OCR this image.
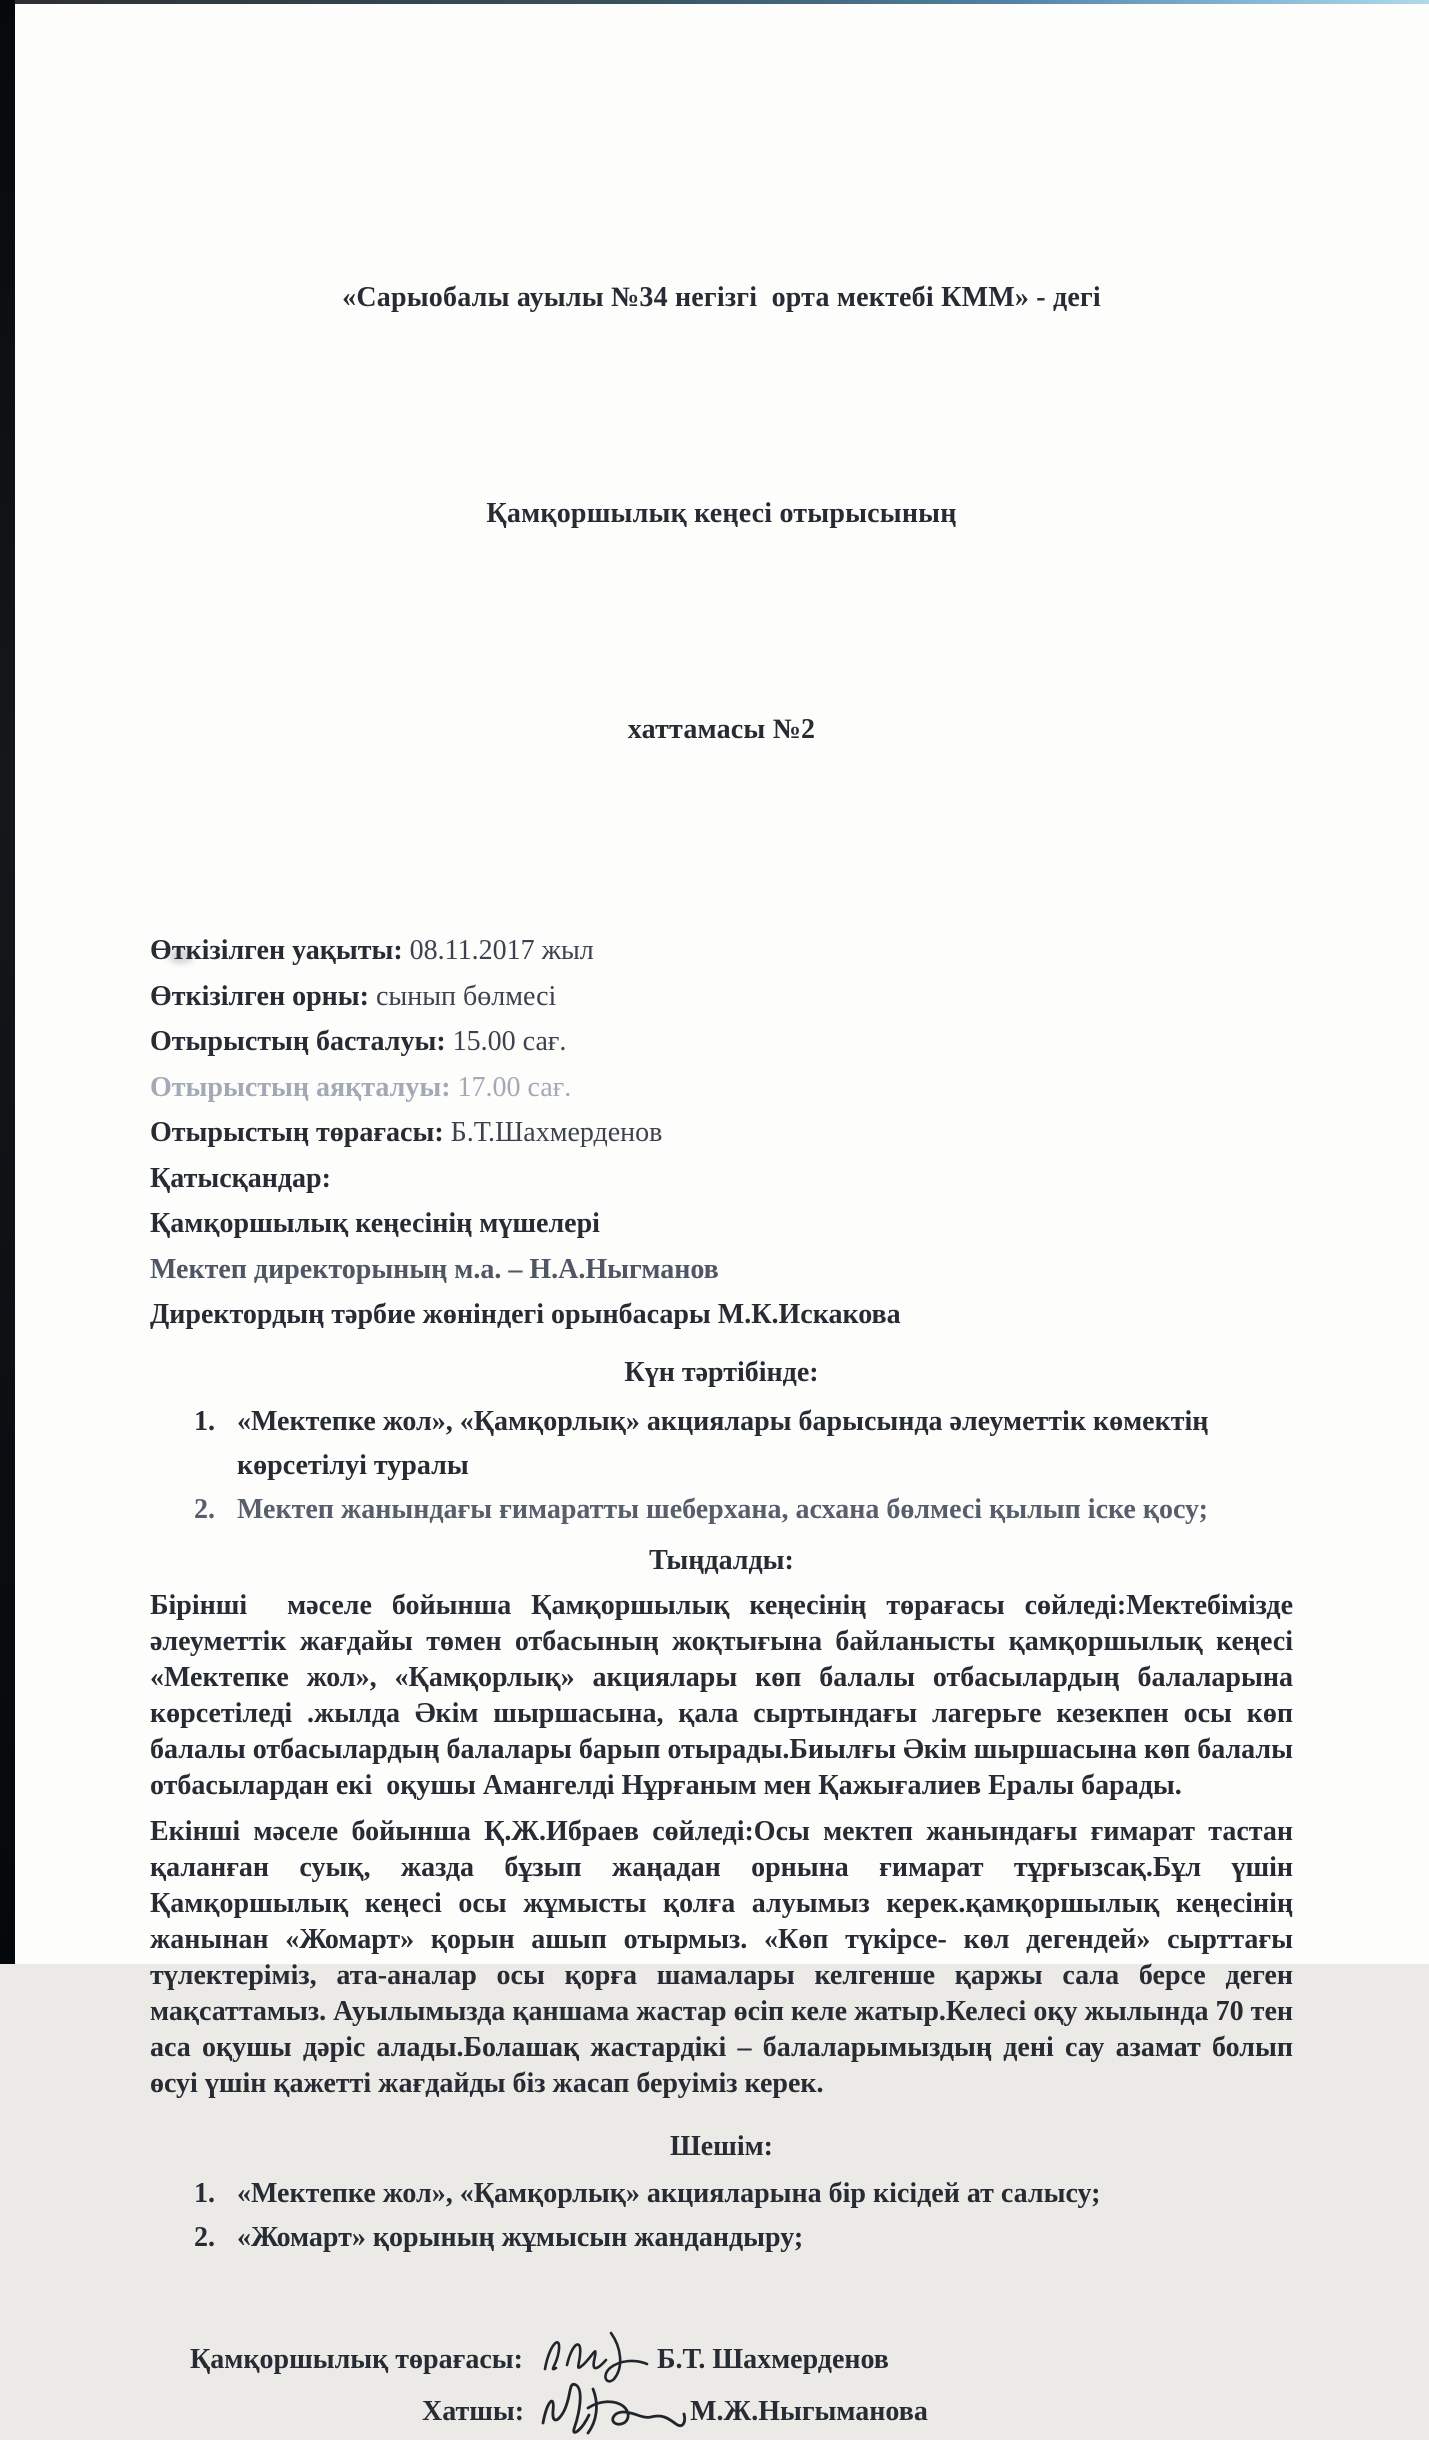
«Сарыобалы ауылы №34 негізгі  орта мектебі КММ» - дегі

Қамқоршылық кеңесі отырысының

хаттамасы №2

Өткізілген уақыты: 08.11.2017 жыл
Өткізілген орны: сынып бөлмесі
Отырыстың басталуы: 15.00 сағ.
Отырыстың аяқталуы: 17.00 сағ.
Отырыстың төрағасы: Б.Т.Шахмерденов
Қатысқандар:
Қамқоршылық кеңесінің мүшелері
Мектеп директорының м.а. – Н.А.Ныгманов
Директордың тәрбие жөніндегі орынбасары М.К.Искакова
Күн тәртібінде:
1. «Мектепке жол», «Қамқорлық» акциялары барысында әлеуметтік көмектің көрсетілуі туралы
2. Мектеп жанындағы ғимаратты шеберхана, асхана бөлмесі қылып іске қосу;
Тыңдалды:
Бірінші  мәселе бойынша Қамқоршылық кеңесінің төрағасы сөйледі:Мектебімізде әлеуметтік жағдайы төмен отбасының жоқтығына байланысты қамқоршылық кеңесі «Мектепке жол», «Қамқорлық» акциялары көп балалы отбасылардың балаларына көрсетіледі .жылда Әкім шыршасына, қала сыртындағы лагерьге кезекпен осы көп балалы отбасылардың балалары барып отырады.Биылғы Әкім шыршасына көп балалы отбасылардан екі  оқушы Амангелді Нұрғаным мен Қажығалиев Ералы барады.
Екінші мәселе бойынша Қ.Ж.Ибраев сөйледі:Осы мектеп жанындағы ғимарат тастан қаланған суық, жазда бұзып жаңадан орнына ғимарат тұрғызсақ.Бұл үшін Қамқоршылық кеңесі осы жұмысты қолға алуымыз керек.қамқоршылық кеңесінің жанынан «Жомарт» қорын ашып отырмыз. «Көп түкірсе- көл дегендей» сырттағы түлектеріміз, ата-аналар осы қорға шамалары келгенше қаржы сала берсе деген мақсаттамыз. Ауылымызда қаншама жастар өсіп келе жатыр.Келесі оқу жылында 70 тен аса оқушы дәріс алады.Болашақ жастардікі – балаларымыздың дені сау азамат болып өсуі үшін қажетті жағдайды біз жасап беруіміз керек.
Шешім:
1. «Мектепке жол», «Қамқорлық» акцияларына бір кісідей ат салысу;
2. «Жомарт» қорының жұмысын жандандыру;
Қамқоршылық төрағасы:	Б.Т. Шахмерденов
Хатшы:	М.Ж.Ныгыманова
